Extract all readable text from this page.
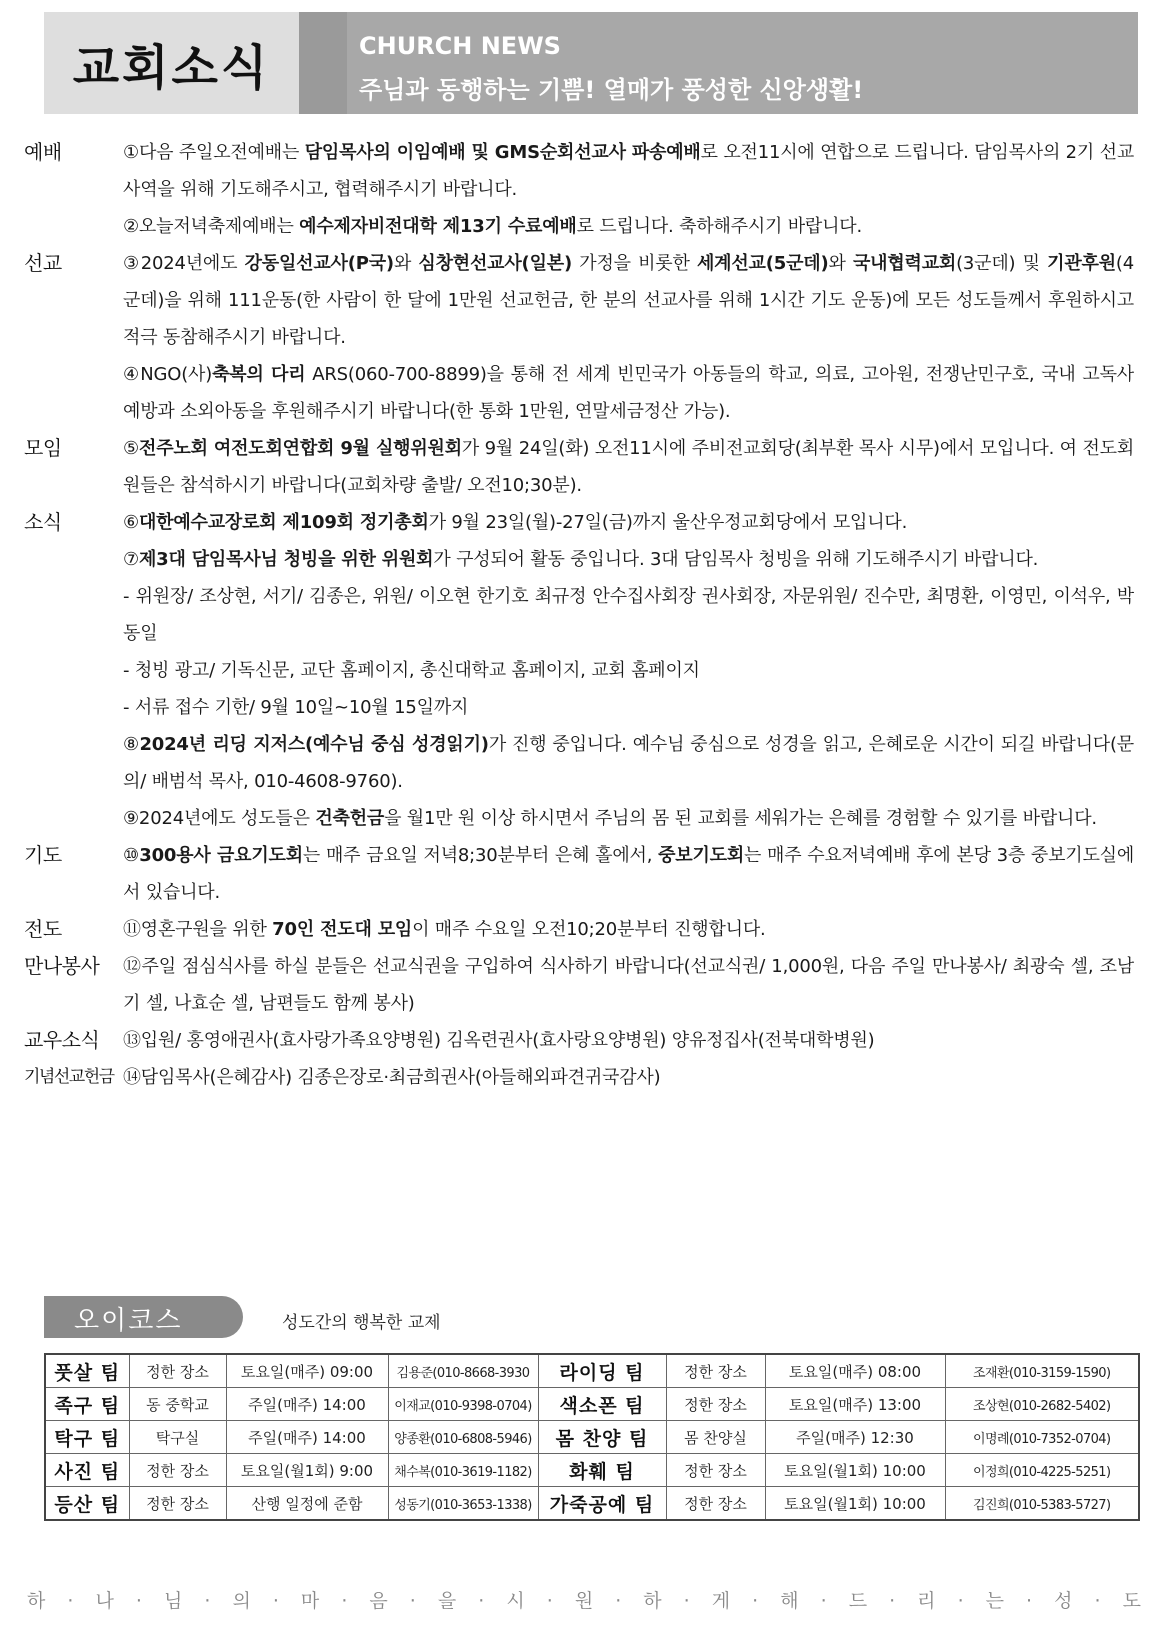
교회소식	CHURCH NEWS
주님과 동행하는 기쁨! 열매가 풍성한 신앙생활!
예배	①다음 주일오전예배는 담임목사의 이임예배 및 GMS순회선교사 파송예배로 오전11시에 연합으로 드립니다. 담임목사의 2기 선교사역을 위해 기도해주시고, 협력해주시기 바랍니다.
②오늘저녁축제예배는 예수제자비전대학 제13기 수료예배로 드립니다. 축하해주시기 바랍니다.
선교	③2024년에도 강동일선교사(P국)와 심창현선교사(일본) 가정을 비롯한 세계선교(5군데)와 국내협력교회(3군데) 및 기관후원(4군데)을 위해 111운동(한 사람이 한 달에 1만원 선교헌금, 한 분의 선교사를 위해 1시간 기도 운동)에 모든 성도들께서 후원하시고 적극 동참해주시기 바랍니다.
④NGO(사)축복의 다리 ARS(060-700-8899)을 통해 전 세계 빈민국가 아동들의 학교, 의료, 고아원, 전쟁난민구호, 국내 고독사 예방과 소외아동을 후원해주시기 바랍니다(한 통화 1만원, 연말세금정산 가능).
모임	⑤전주노회 여전도회연합회 9월 실행위원회가 9월 24일(화) 오전11시에 주비전교회당(최부환 목사 시무)에서 모입니다. 여 전도회원들은 참석하시기 바랍니다(교회차량 출발/ 오전10;30분).
소식	⑥대한예수교장로회 제109회 정기총회가 9월 23일(월)-27일(금)까지 울산우정교회당에서 모입니다.
⑦제3대 담임목사님 청빙을 위한 위원회가 구성되어 활동 중입니다. 3대 담임목사 청빙을 위해 기도해주시기 바랍니다.
- 위원장/ 조상현, 서기/ 김종은, 위원/ 이오현 한기호 최규정 안수집사회장 권사회장, 자문위원/ 진수만, 최명환, 이영민, 이석우, 박동일
- 청빙 광고/ 기독신문, 교단 홈페이지, 총신대학교 홈페이지, 교회 홈페이지
- 서류 접수 기한/ 9월 10일~10월 15일까지
⑧2024년 리딩 지저스(예수님 중심 성경읽기)가 진행 중입니다. 예수님 중심으로 성경을 읽고, 은혜로운 시간이 되길 바랍니다(문의/ 배범석 목사, 010-4608-9760).
⑨2024년에도 성도들은 건축헌금을 월1만 원 이상 하시면서 주님의 몸 된 교회를 세워가는 은혜를 경험할 수 있기를 바랍니다.
기도	⑩300용사 금요기도회는 매주 금요일 저녁8;30분부터 은혜 홀에서, 중보기도회는 매주 수요저녁예배 후에 본당 3층 중보기도실에서 있습니다.
전도	⑪영혼구원을 위한 70인 전도대 모임이 매주 수요일 오전10;20분부터 진행합니다.
만나봉사	⑫주일 점심식사를 하실 분들은 선교식권을 구입하여 식사하기 바랍니다(선교식권/ 1,000원, 다음 주일 만나봉사/ 최광숙 셀, 조남기 셀, 나효순 셀, 남편들도 함께 봉사)
교우소식	⑬입원/ 홍영애권사(효사랑가족요양병원) 김옥련권사(효사랑요양병원) 양유정집사(전북대학병원)
기념선교헌금 ⑭담임목사(은혜감사) 김종은장로·최금희권사(아들해외파견귀국감사)
오이코스	성도간의 행복한 교제
풋살 팀	정한 장소	토요일(매주) 09:00	김용준(010-8668-3930	라이딩 팀	정한 장소	토요일(매주) 08:00	조재환(010-3159-1590)
족구 팀	동 중학교	주일(매주) 14:00	이재교(010-9398-0704)	색소폰 팀	정한 장소	토요일(매주) 13:00	조상현(010-2682-5402)
탁구 팀	탁구실	주일(매주) 14:00	양종환(010-6808-5946)	몸 찬양 팀	몸 찬양실	주일(매주) 12:30	이명례(010-7352-0704)
사진 팀	정한 장소	토요일(월1회) 9:00	채수복(010-3619-1182)	화훼 팀	정한 장소	토요일(월1회) 10:00	이정희(010-4225-5251)
등산 팀	정한 장소	산행 일정에 준함	성동기(010-3653-1338)	가죽공예 팀	정한 장소	토요일(월1회) 10:00	김진희(010-5383-5727)
하 · 나 · 님 · 의 · 마 · 음 · 을 · 시 · 원 · 하 · 게 · 해 · 드 · 리 · 는 · 성 · 도
